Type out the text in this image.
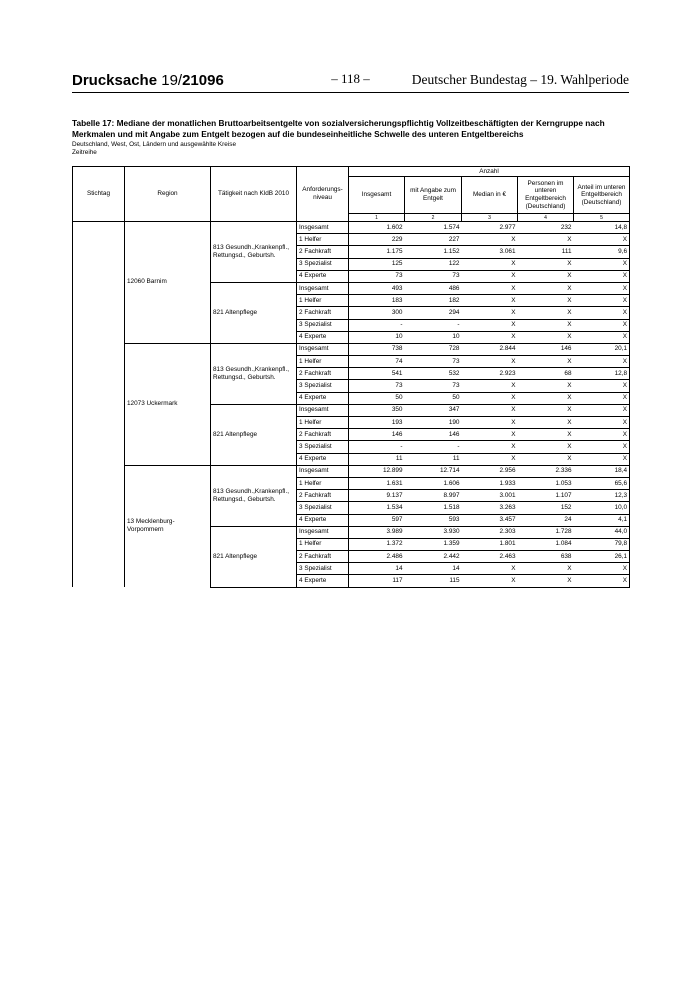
Drucksache 19/21096	– 118 –	Deutscher Bundestag – 19. Wahlperiode
Tabelle 17: Mediane der monatlichen Bruttoarbeitsentgelte von sozialversicherungspflichtig Vollzeitbeschäftigten der Kerngruppe nach Merkmalen und mit Angabe zum Entgelt bezogen auf die bundeseinheitliche Schwelle des unteren Entgeltbereichs
Deutschland, West, Ost, Ländern und ausgewählte Kreise
Zeitreihe
Stichtag	Region	Tätigkeit nach KldB 2010	Anforderungs-niveau	Anzahl				
				Insgesamt	mit Angabe zum Entgelt	Median in €	Personen im unteren Entgeltbereich (Deutschland)	Anteil im unteren Entgeltbereich (Deutschland)
				1	2	3	4	5
	12060 Barnim	813 Gesundh.,Krankenpfl., Rettungsd., Geburtsh.	Insgesamt	1.602	1.574	2.977	232	14,8
			1 Helfer	229	227	X	X	X
			2 Fachkraft	1.175	1.152	3.061	111	9,6
			3 Spezialist	125	122	X	X	X
			4 Experte	73	73	X	X	X
		821 Altenpflege	Insgesamt	493	486	X	X	X
			1 Helfer	183	182	X	X	X
			2 Fachkraft	300	294	X	X	X
			3 Spezialist	-	-	X	X	X
			4 Experte	10	10	X	X	X
	12073 Uckermark	813 Gesundh.,Krankenpfl., Rettungsd., Geburtsh.	Insgesamt	738	728	2.844	146	20,1
			1 Helfer	74	73	X	X	X
			2 Fachkraft	541	532	2.923	68	12,8
			3 Spezialist	73	73	X	X	X
			4 Experte	50	50	X	X	X
		821 Altenpflege	Insgesamt	350	347	X	X	X
			1 Helfer	193	190	X	X	X
			2 Fachkraft	146	146	X	X	X
			3 Spezialist	-	-	X	X	X
			4 Experte	11	11	X	X	X
	13 Mecklenburg-Vorpommern	813 Gesundh.,Krankenpfl., Rettungsd., Geburtsh.	Insgesamt	12.899	12.714	2.956	2.336	18,4
			1 Helfer	1.631	1.606	1.933	1.053	65,6
			2 Fachkraft	9.137	8.997	3.001	1.107	12,3
			3 Spezialist	1.534	1.518	3.263	152	10,0
			4 Experte	597	593	3.457	24	4,1
		821 Altenpflege	Insgesamt	3.989	3.930	2.303	1.728	44,0
			1 Helfer	1.372	1.359	1.801	1.084	79,8
			2 Fachkraft	2.486	2.442	2.463	638	26,1
			3 Spezialist	14	14	X	X	X
			4 Experte	117	115	X	X	X
